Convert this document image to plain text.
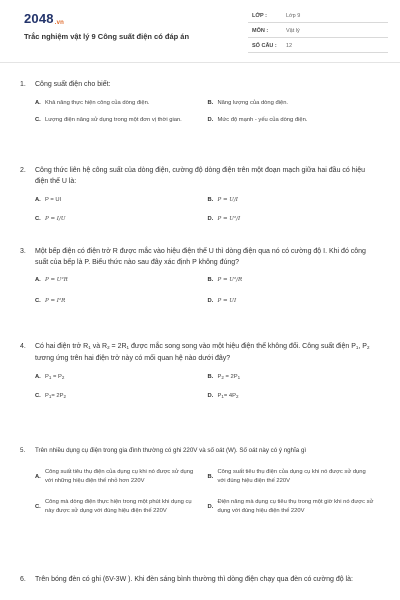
2048.vn
Trắc nghiệm vật lý 9 Công suất điện có đáp án
LỚP :	Lớp 9
MÔN :	Vật lý
SỐ CÂU : 12
1. Công suất điện cho biết:
A. Khả năng thực hiện công của dòng điện.	B. Năng lượng của dòng điện.
C. Lượng điện năng sử dụng trong một đơn vị thời gian.	D. Mức độ mạnh - yếu của dòng điện.
2. Công thức liên hệ công suất của dòng điện, cường độ dòng điện trên một đoạn mạch giữa hai đầu có hiệu điện thế U là:
A. P = UI	B. P = U/I
C. P = I/U	D. P = U²/I
3. Một bếp điện có điện trở R được mắc vào hiệu điện thế U thì dòng điện qua nó có cường độ I. Khi đó công suất của bếp là P. Biểu thức nào sau đây xác định P không đúng?
A. P = U²R	B. P = U²/R
C. P = I²R	D. P = UI
4. Có hai điện trở $R_1$ và $R_2 = 2R_1$ được mắc song song vào một hiệu điện thế không đổi. Công suất điện $P_1$, $P_2$ tương ứng trên hai điện trở này có mối quan hệ nào dưới đây?
A. $P_1 = P_2$	B. $P_2 = 2P_1$
C. $P_1= 2P_2$	D. $P_1= 4P_2$
5. Trên nhiều dụng cụ điện trong gia đình thường có ghi 220V và số oát (W). Số oát này có ý nghĩa gì
A.
Công suất tiêu thụ điện của dụng cụ khi nó được sử dụng với những hiệu điện thế nhỏ hơn 220V
B.
Công suất tiêu thụ điện của dụng cụ khi nó được sử dụng với đúng hiệu điện thế 220V
C.
Công mà dòng điện thực hiện trong một phút khi dụng cụ này được sử dụng với đúng hiệu điện thế 220V
D.
Điện năng mà dụng cụ tiêu thụ trong một giờ khi nó được sử dụng với đúng hiệu điện thế 220V
6. Trên bóng đèn có ghi (6V-3W ). Khi đèn sáng bình thường thì dòng điện chạy qua đèn có cường độ là:
